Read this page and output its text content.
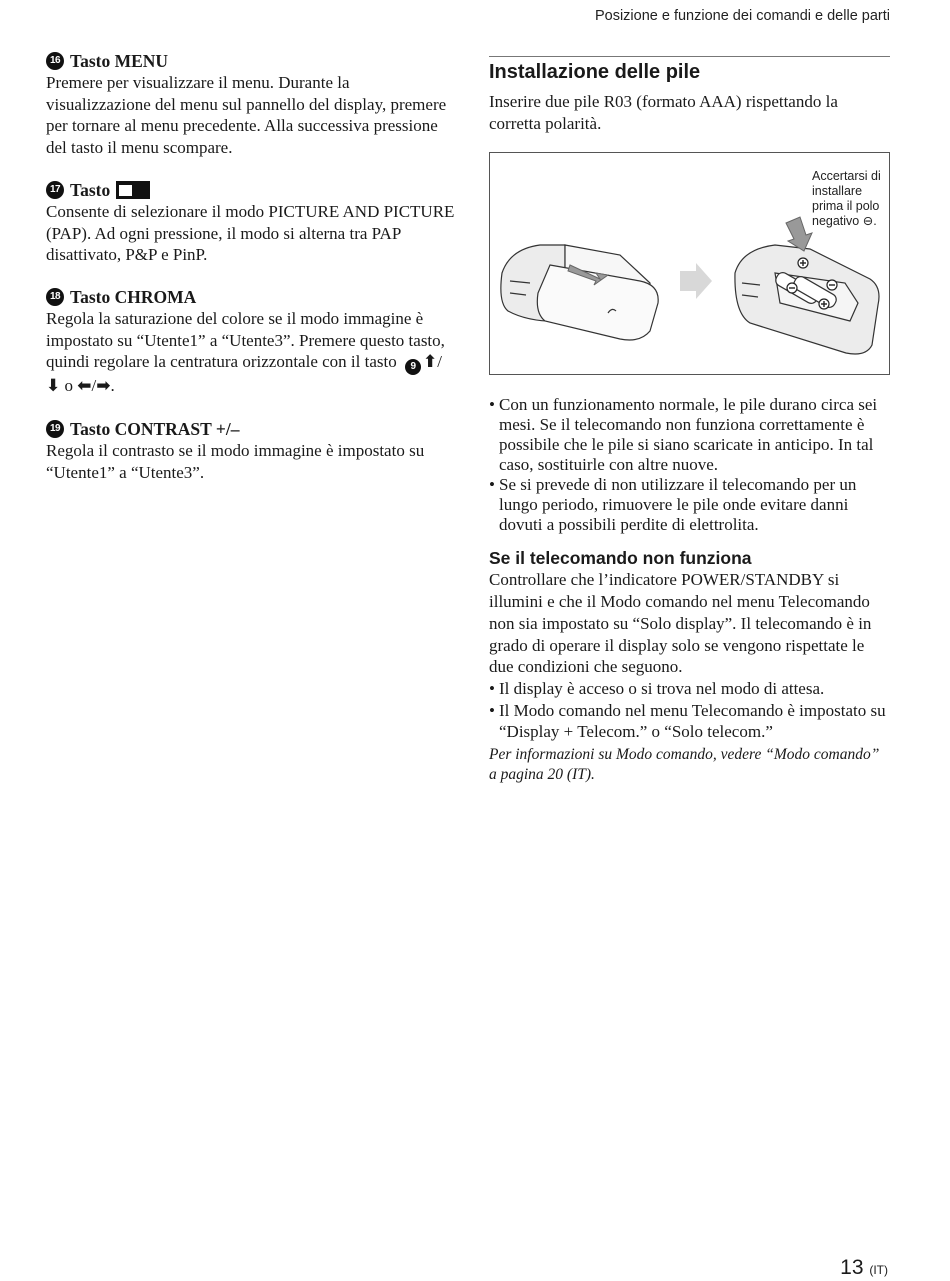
Posizione e funzione dei comandi e delle parti
16 Tasto MENU
Premere per visualizzare il menu. Durante la visualizzazione del menu sul pannello del display, premere per tornare al menu precedente. Alla successiva pressione del tasto il menu scompare.
17 Tasto
Consente di selezionare il modo PICTURE AND PICTURE (PAP). Ad ogni pressione, il modo si alterna tra PAP disattivato, P&P e PinP.
18 Tasto CHROMA
Regola la saturazione del colore se il modo immagine è impostato su “Utente1” a “Utente3”. Premere questo tasto, quindi regolare la centratura orizzontale con il tasto 9 ⬆/⬇ o ⬅/➡.
19 Tasto CONTRAST +/–
Regola il contrasto se il modo immagine è impostato su “Utente1” a “Utente3”.
Installazione delle pile
Inserire due pile R03 (formato AAA) rispettando la corretta polarità.
Accertarsi di installare prima il polo negativo ⊖.
• Con un funzionamento normale, le pile durano circa sei mesi. Se il telecomando non funziona correttamente è possibile che le pile si siano scaricate in anticipo. In tal caso, sostituirle con altre nuove.
• Se si prevede di non utilizzare il telecomando per un lungo periodo, rimuovere le pile onde evitare danni dovuti a possibili perdite di elettrolita.
Se il telecomando non funziona
Controllare che l’indicatore POWER/STANDBY si illumini e che il Modo comando nel menu Telecomando non sia impostato su “Solo display”. Il telecomando è in grado di operare il display solo se vengono rispettate le due condizioni che seguono.
• Il display è acceso o si trova nel modo di attesa.
• Il Modo comando nel menu Telecomando è impostato su “Display + Telecom.” o “Solo telecom.”
Per informazioni su Modo comando, vedere “Modo comando” a pagina 20 (IT).
13 (IT)
